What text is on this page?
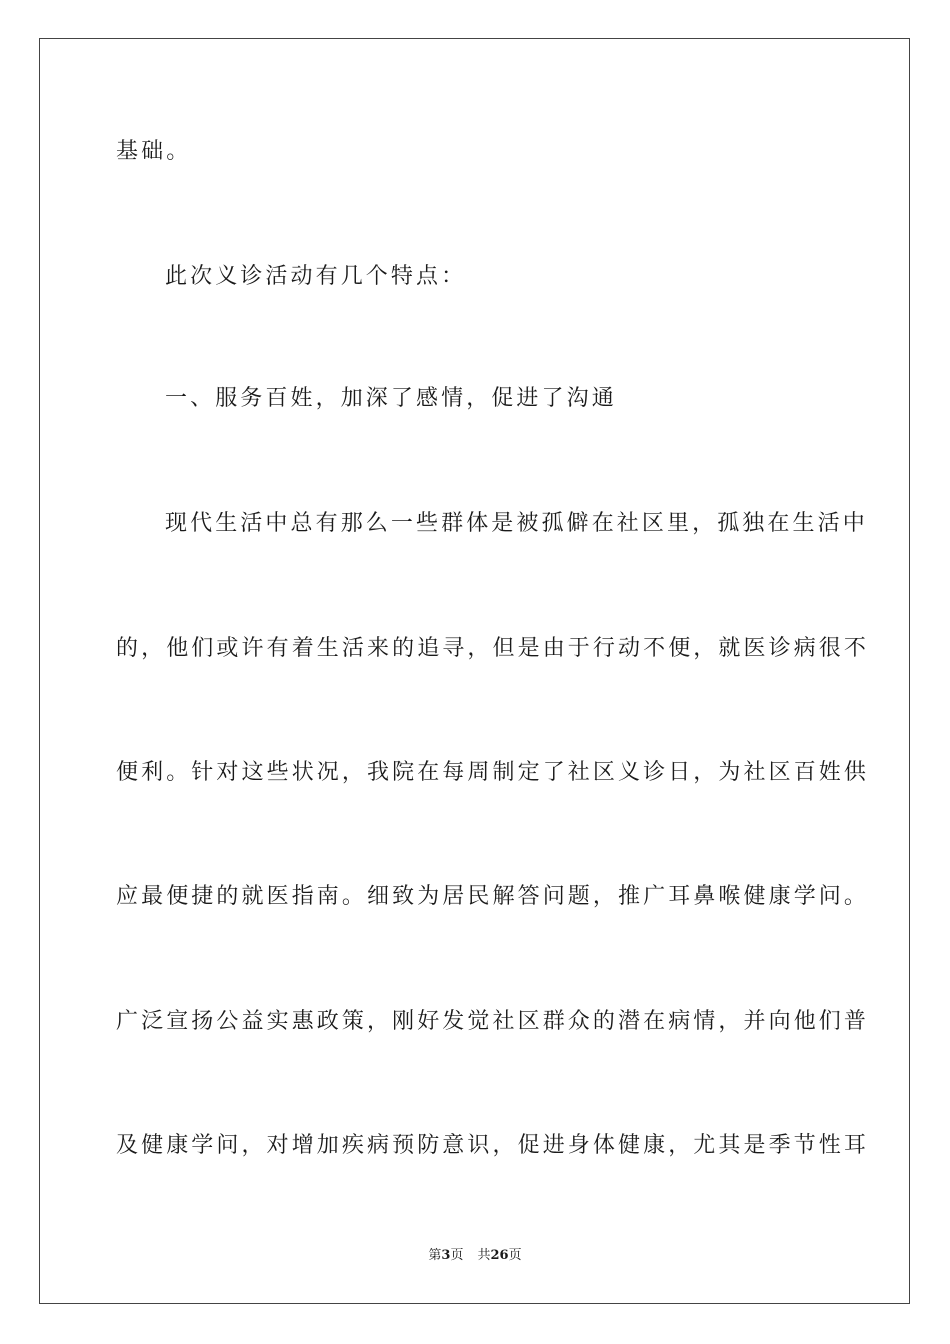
基础。

此次义诊活动有几个特点：

一、服务百姓，加深了感情，促进了沟通

现代生活中总有那么一些群体是被孤僻在社区里，孤独在生活中

的，他们或许有着生活来的追寻，但是由于行动不便，就医诊病很不

便利。针对这些状况，我院在每周制定了社区义诊日，为社区百姓供

应最便捷的就医指南。细致为居民解答问题，推广耳鼻喉健康学问。

广泛宣扬公益实惠政策，刚好发觉社区群众的潜在病情，并向他们普

及健康学问，对增加疾病预防意识，促进身体健康，尤其是季节性耳

第3页 共26页
